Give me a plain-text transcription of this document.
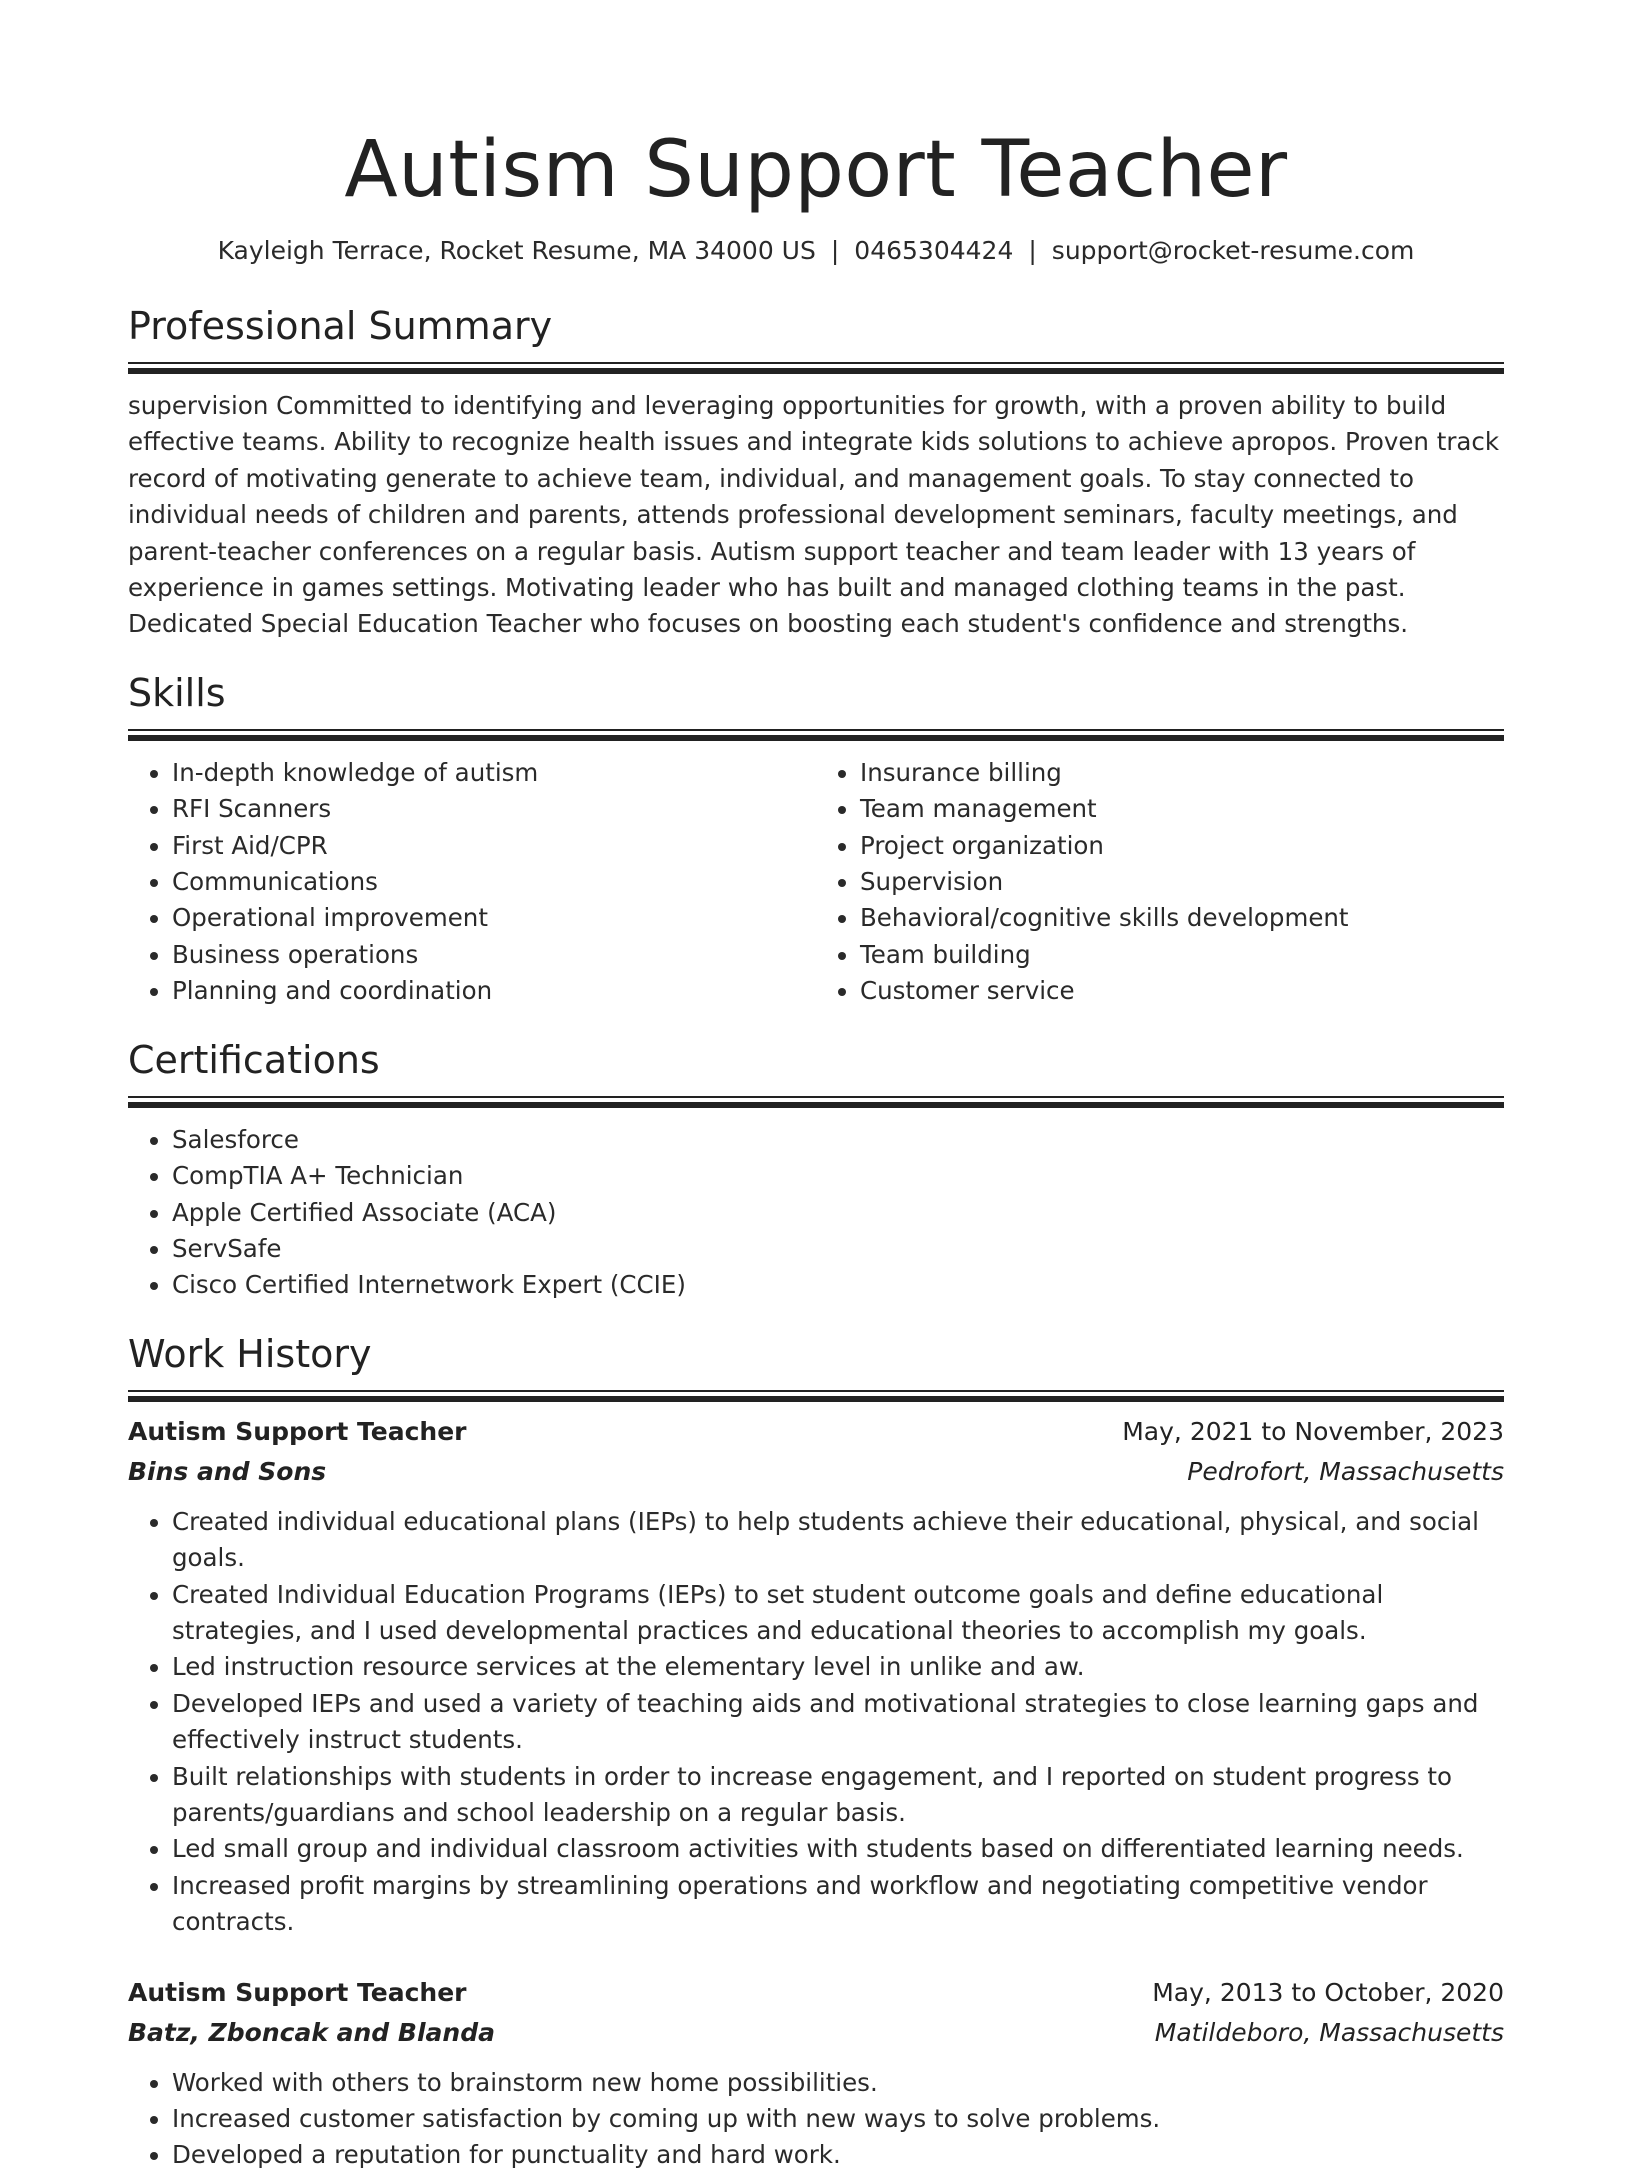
Autism Support Teacher
Kayleigh Terrace, Rocket Resume, MA 34000 US | 0465304424 | support@rocket-resume.com
Professional Summary

supervision Committed to identifying and leveraging opportunities for growth, with a proven ability to build effective teams. Ability to recognize health issues and integrate kids solutions to achieve apropos. Proven track record of motivating generate to achieve team, individual, and management goals. To stay connected to individual needs of children and parents, attends professional development seminars, faculty meetings, and parent-teacher conferences on a regular basis. Autism support teacher and team leader with 13 years of experience in games settings. Motivating leader who has built and managed clothing teams in the past. Dedicated Special Education Teacher who focuses on boosting each student's confidence and strengths.

Skills
• In-depth knowledge of autism
• RFI Scanners
• First Aid/CPR
• Communications
• Operational improvement
• Business operations
• Planning and coordination
• Insurance billing
• Team management
• Project organization
• Supervision
• Behavioral/cognitive skills development
• Team building
• Customer service
Certifications
• Salesforce
• CompTIA A+ Technician
• Apple Certified Associate (ACA)
• ServSafe
• Cisco Certified Internetwork Expert (CCIE)
Work History
Autism Support Teacher	May, 2021 to November, 2023
Bins and Sons	Pedrofort, Massachusetts
• Created individual educational plans (IEPs) to help students achieve their educational, physical, and social goals.
• Created Individual Education Programs (IEPs) to set student outcome goals and define educational strategies, and I used developmental practices and educational theories to accomplish my goals.
• Led instruction resource services at the elementary level in unlike and aw.
• Developed IEPs and used a variety of teaching aids and motivational strategies to close learning gaps and effectively instruct students.
• Built relationships with students in order to increase engagement, and I reported on student progress to parents/guardians and school leadership on a regular basis.
• Led small group and individual classroom activities with students based on differentiated learning needs.
• Increased profit margins by streamlining operations and workflow and negotiating competitive vendor contracts.
Autism Support Teacher	May, 2013 to October, 2020
Batz, Zboncak and Blanda	Matildeboro, Massachusetts
• Worked with others to brainstorm new home possibilities.
• Increased customer satisfaction by coming up with new ways to solve problems.
• Developed a reputation for punctuality and hard work.
